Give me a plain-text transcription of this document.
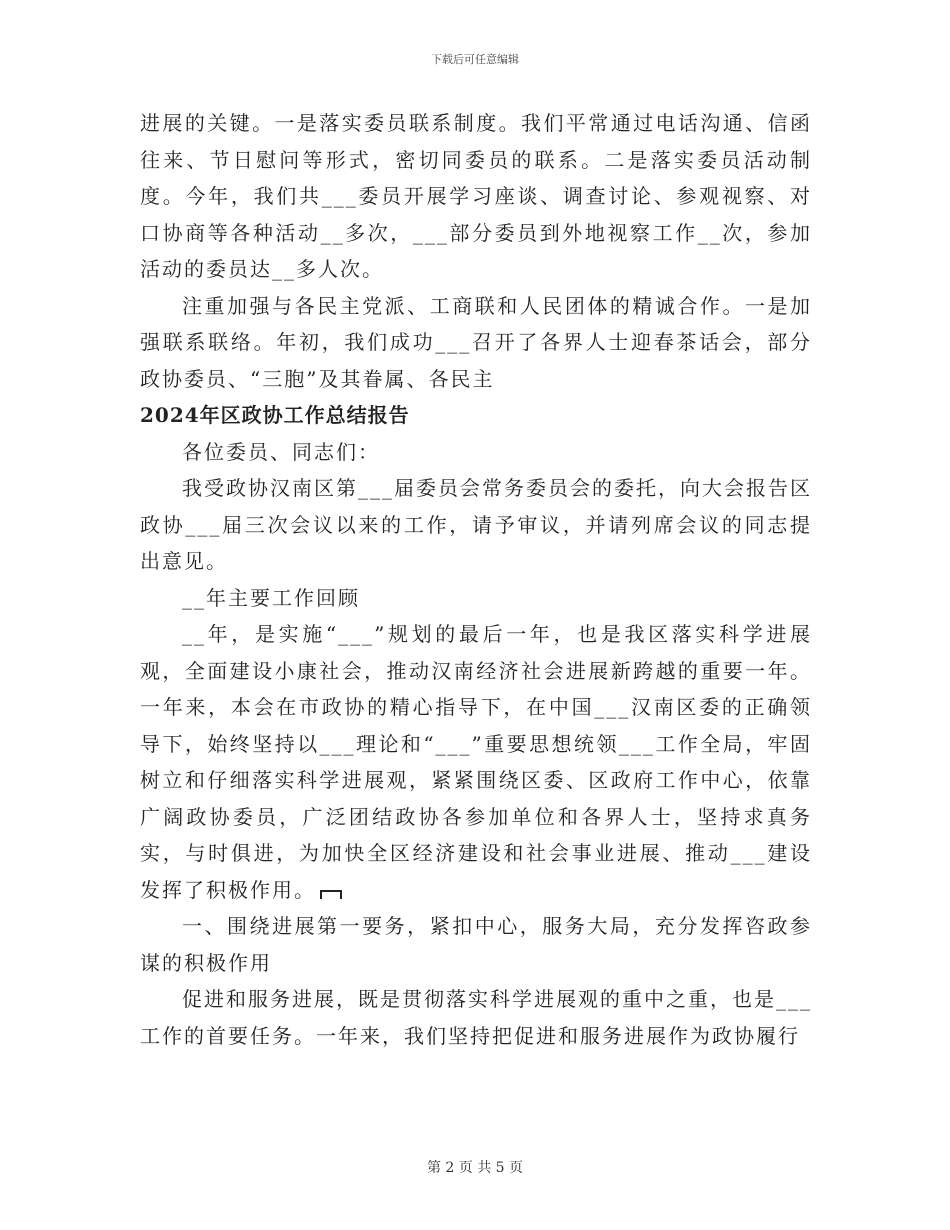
下载后可任意编辑

进展的关键。一是落实委员联系制度。我们平常通过电话沟通、信函往来、节日慰问等形式，密切同委员的联系。二是落实委员活动制度。今年，我们共___委员开展学习座谈、调查讨论、参观视察、对口协商等各种活动__多次，___部分委员到外地视察工作__次，参加活动的委员达__多人次。

注重加强与各民主党派、工商联和人民团体的精诚合作。一是加强联系联络。年初，我们成功___召开了各界人士迎春茶话会，部分政协委员、“三胞”及其眷属、各民主

2024年区政协工作总结报告

各位委员、同志们：

我受政协汉南区第___届委员会常务委员会的委托，向大会报告区政协___届三次会议以来的工作，请予审议，并请列席会议的同志提出意见。

__年主要工作回顾

__年，是实施“___”规划的最后一年，也是我区落实科学进展观，全面建设小康社会，推动汉南经济社会进展新跨越的重要一年。一年来，本会在市政协的精心指导下，在中国___汉南区委的正确领导下，始终坚持以___理论和“___”重要思想统领___工作全局，牢固树立和仔细落实科学进展观，紧紧围绕区委、区政府工作中心，依靠广阔政协委员，广泛团结政协各参加单位和各界人士，坚持求真务实，与时俱进，为加快全区经济建设和社会事业进展、推动___建设发挥了积极作用。

一、围绕进展第一要务，紧扣中心，服务大局，充分发挥咨政参谋的积极作用

促进和服务进展，既是贯彻落实科学进展观的重中之重，也是___工作的首要任务。一年来，我们坚持把促进和服务进展作为政协履行

第 2 页 共 5 页
